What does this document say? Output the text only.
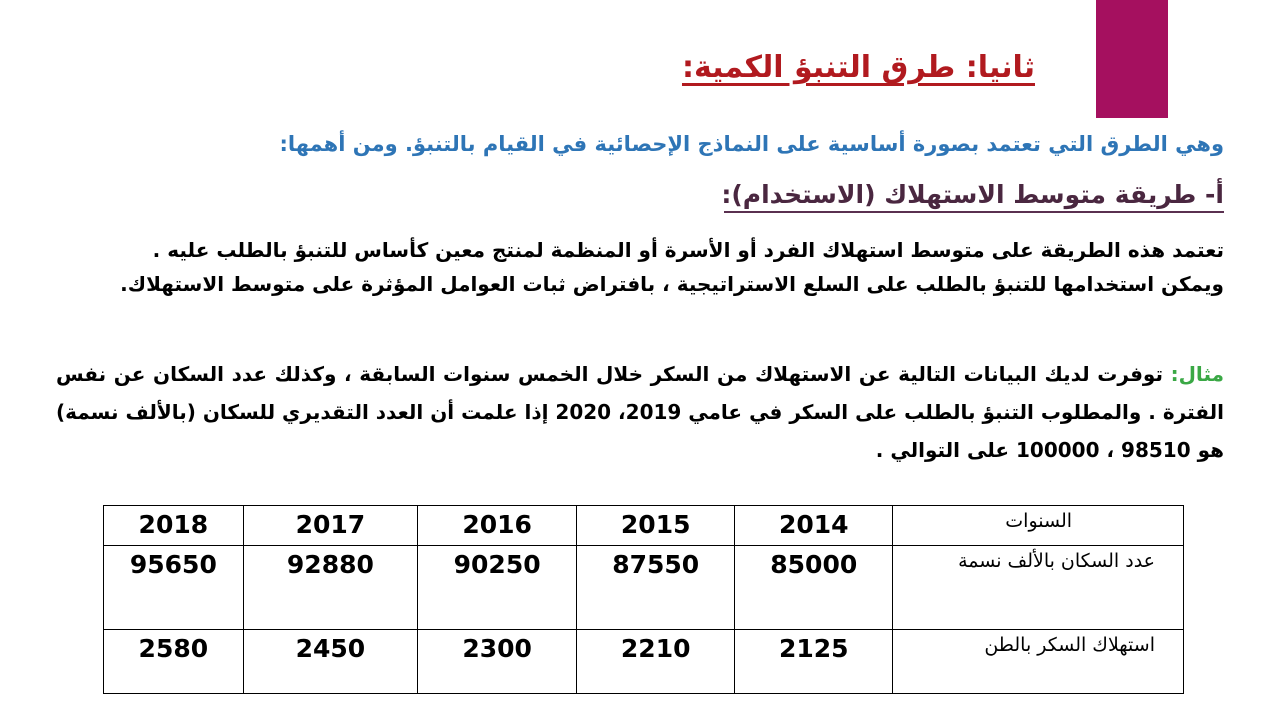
ثانيا: طرق التنبؤ الكمية:
وهي الطرق التي تعتمد بصورة أساسية على النماذج الإحصائية في القيام بالتنبؤ. ومن أهمها:
أ- طريقة متوسط الاستهلاك (الاستخدام):

تعتمد هذه الطريقة على متوسط استهلاك الفرد أو الأسرة أو المنظمة لمنتج معين كأساس للتنبؤ بالطلب عليه .

ويمكن استخدامها للتنبؤ بالطلب على السلع الاستراتيجية ، بافتراض ثبات العوامل المؤثرة على متوسط الاستهلاك.

مثال: توفرت لديك البيانات التالية عن الاستهلاك من السكر خلال الخمس سنوات السابقة ، وكذلك عدد السكان عن نفس الفترة . والمطلوب التنبؤ بالطلب على السكر في عامي 2019، 2020 إذا علمت أن العدد التقديري للسكان (بالألف نسمة) هو 98510 ، 100000 على التوالي .

2018	2017	2016	2015	2014	السنوات
95650	92880	90250	87550	85000	عدد السكان بالألف نسمة
2580	2450	2300	2210	2125	استهلاك السكر بالطن
